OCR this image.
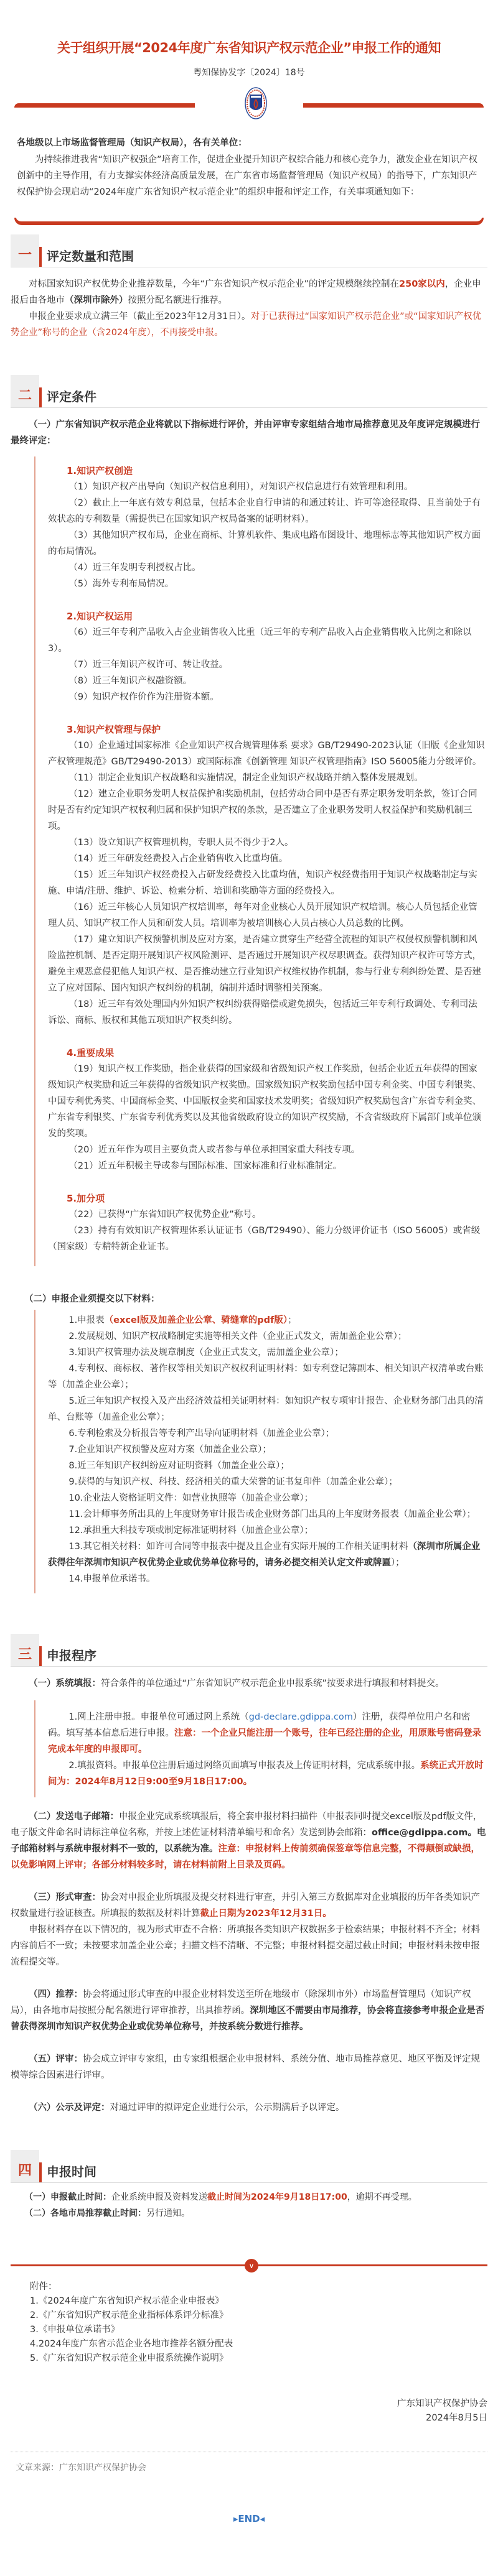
关于组织开展“2024年度广东省知识产权示范企业”申报工作的通知
粤知保协发字〔2024〕18号

各地级以上市场监督管理局（知识产权局），各有关单位：

为持续推进我省“知识产权强企”培育工作，促进企业提升知识产权综合能力和核心竞争力，激发企业在知识产权创新中的主导作用，有力支撑实体经济高质量发展，在广东省市场监督管理局（知识产权局）的指导下，广东知识产权保护协会现启动“2024年度广东省知识产权示范企业”的组织申报和评定工作，有关事项通知如下：

一	评定数量和范围

对标国家知识产权优势企业推荐数量，今年“广东省知识产权示范企业”的评定规模继续控制在250家以内，企业申报后由各地市（深圳市除外）按照分配名额进行推荐。

申报企业要求成立满三年（截止至2023年12月31日）。对于已获得过“国家知识产权示范企业”或“国家知识产权优势企业”称号的企业（含2024年度），不再接受申报。

二	评定条件

（一）广东省知识产权示范企业将就以下指标进行评价，并由评审专家组结合地市局推荐意见及年度评定规模进行最终评定：

1.知识产权创造

（1）知识产权产出导向（知识产权信息利用），对知识产权信息进行有效管理和利用。

（2）截止上一年底有效专利总量，包括本企业自行申请的和通过转让、许可等途径取得、且当前处于有效状态的专利数量（需提供已在国家知识产权局备案的证明材料）。

（3）其他知识产权布局，企业在商标、计算机软件、集成电路布图设计、地理标志等其他知识产权方面的布局情况。

（4）近三年发明专利授权占比。

（5）海外专利布局情况。

2.知识产权运用

（6）近三年专利产品收入占企业销售收入比重（近三年的专利产品收入占企业销售收入比例之和除以3）。

（7）近三年知识产权许可、转让收益。

（8）近三年知识产权融资额。

（9）知识产权作价作为注册资本额。

3.知识产权管理与保护

（10）企业通过国家标准《企业知识产权合规管理体系 要求》GB/T29490-2023认证（旧版《企业知识产权管理规范》GB/T29490-2013）或国际标准《创新管理 知识产权管理指南》ISO 56005能力分级评价。

（11）制定企业知识产权战略和实施情况，制定企业知识产权战略并纳入整体发展规划。

（12）建立企业职务发明人权益保护和奖励机制，包括劳动合同中是否有界定职务发明条款，签订合同时是否有约定知识产权权利归属和保护知识产权的条款，是否建立了企业职务发明人权益保护和奖励机制三项。

（13）设立知识产权管理机构，专职人员不得少于2人。

（14）近三年研发经费投入占企业销售收入比重均值。

（15）近三年知识产权经费投入占研发经费投入比重均值，知识产权经费指用于知识产权战略制定与实施、申请/注册、维护、诉讼、检索分析、培训和奖励等方面的经费投入。

（16）近三年核心人员知识产权培训率，每年对企业核心人员开展知识产权培训。核心人员包括企业管理人员、知识产权工作人员和研发人员。培训率为被培训核心人员占核心人员总数的比例。

（17）建立知识产权预警机制及应对方案，是否建立贯穿生产经营全流程的知识产权侵权预警机制和风险监控机制、是否定期开展知识产权风险测评、是否通过开展知识产权尽职调查。获得知识产权许可等方式，避免主观恶意侵犯他人知识产权、是否推动建立行业知识产权维权协作机制，参与行业专利纠纷处置、是否建立了应对国际、国内知识产权纠纷的机制，编制并适时调整相关预案。

（18）近三年有效处理国内外知识产权纠纷获得赔偿或避免损失，包括近三年专利行政调处、专利司法诉讼、商标、版权和其他五项知识产权类纠纷。

4.重要成果

（19）知识产权工作奖励，指企业获得的国家级和省级知识产权工作奖励，包括企业近五年获得的国家级知识产权奖励和近三年获得的省级知识产权奖励。国家级知识产权奖励包括中国专利金奖、中国专利银奖、中国专利优秀奖、中国商标金奖、中国版权金奖和国家技术发明奖；省级知识产权奖励包含广东省专利金奖、广东省专利银奖、广东省专利优秀奖以及其他省级政府设立的知识产权奖励，不含省级政府下属部门或单位颁发的奖项。

（20）近五年作为项目主要负责人或者参与单位承担国家重大科技专项。

（21）近五年积极主导或参与国际标准、国家标准和行业标准制定。

5.加分项

（22）已获得“广东省知识产权优势企业”称号。

（23）持有有效知识产权管理体系认证证书（GB/T29490）、能力分级评价证书（ISO 56005）或省级（国家级）专精特新企业证书。

（二）申报企业须提交以下材料：

1.申报表（excel版及加盖企业公章、骑缝章的pdf版）；

2.发展规划、知识产权战略制定实施等相关文件（企业正式发文，需加盖企业公章）；

3.知识产权管理办法及规章制度（企业正式发文，需加盖企业公章）；

4.专利权、商标权、著作权等相关知识产权权利证明材料：如专利登记簿副本、相关知识产权清单或台账等（加盖企业公章）；

5.近三年知识产权投入及产出经济效益相关证明材料：如知识产权专项审计报告、企业财务部门出具的清单、台账等（加盖企业公章）；

6.专利检索及分析报告等专利产出导向证明材料（加盖企业公章）；

7.企业知识产权预警及应对方案（加盖企业公章）；

8.近三年知识产权纠纷应对证明资料（加盖企业公章）；

9.获得的与知识产权、科技、经济相关的重大荣誉的证书复印件（加盖企业公章）；

10.企业法人资格证明文件：如营业执照等（加盖企业公章）；

11.会计师事务所出具的上年度财务审计报告或企业财务部门出具的上年度财务报表（加盖企业公章）；

12.承担重大科技专项或制定标准证明材料（加盖企业公章）；

13.其它相关材料：如许可合同等申报表中提及且企业有实际开展的工作相关证明材料（深圳市所属企业获得往年深圳市知识产权优势企业或优势单位称号的，请务必提交相关认定文件或牌匾）；

14.申报单位承诺书。

三	申报程序

（一）系统填报：符合条件的单位通过“广东省知识产权示范企业申报系统”按要求进行填报和材料提交。

1.网上注册申报。申报单位可通过网上系统（gd-declare.gdippa.com）注册，获得单位用户名和密码。填写基本信息后进行申报。注意：一个企业只能注册一个账号，往年已经注册的企业，用原账号密码登录完成本年度的申报即可。

2.填报资料。申报单位注册后通过网络页面填写申报表及上传证明材料，完成系统申报。系统正式开放时间为：2024年8月12日9:00至9月18日17:00。

（二）发送电子邮箱：申报企业完成系统填报后，将全套申报材料扫描件（申报表同时提交excel版及pdf版文件，电子版文件命名时请标注单位名称，并按上述佐证材料清单编号和命名）发送到协会邮箱：office@gdippa.com。电子邮箱材料与系统申报材料不一致的，以系统为准。注意：申报材料上传前须确保签章等信息完整，不得颠倒或缺损，以免影响网上评审；各部分材料较多时，请在材料前附上目录及页码。

（三）形式审查：协会对申报企业所填报及提交材料进行审查，并引入第三方数据库对企业填报的历年各类知识产权数量进行验证核查。所填报的数据及材料计算截止日期为2023年12月31日。

申报材料存在以下情况的，视为形式审查不合格：所填报各类知识产权数据多于检索结果；申报材料不齐全；材料内容前后不一致；未按要求加盖企业公章；扫描文档不清晰、不完整；申报材料提交超过截止时间；申报材料未按申报流程提交等。

（四）推荐：协会将通过形式审查的申报企业材料发送至所在地级市（除深圳市外）市场监督管理局（知识产权局），由各地市局按照分配名额进行评审推荐，出具推荐函。深圳地区不需要由市局推荐，协会将直接参考申报企业是否曾获得深圳市知识产权优势企业或优势单位称号，并按系统分数进行推荐。

（五）评审：协会成立评审专家组，由专家组根据企业申报材料、系统分值、地市局推荐意见、地区平衡及评定规模等综合因素进行评审。

（六）公示及评定：对通过评审的拟评定企业进行公示，公示期满后予以评定。

四	申报时间

（一）申报截止时间：企业系统申报及资料发送截止时间为2024年9月18日17:00，逾期不再受理。

（二）各地市局推荐截止时间：另行通知。

∨

附件：

1.《2024年度广东省知识产权示范企业申报表》

2.《广东省知识产权示范企业指标体系评分标准》

3.《申报单位承诺书》

4.2024年度广东省示范企业各地市推荐名额分配表

5.《广东省知识产权示范企业申报系统操作说明》

广东知识产权保护协会

2024年8月5日

文章来源：广东知识产权保护协会

▸END◂
